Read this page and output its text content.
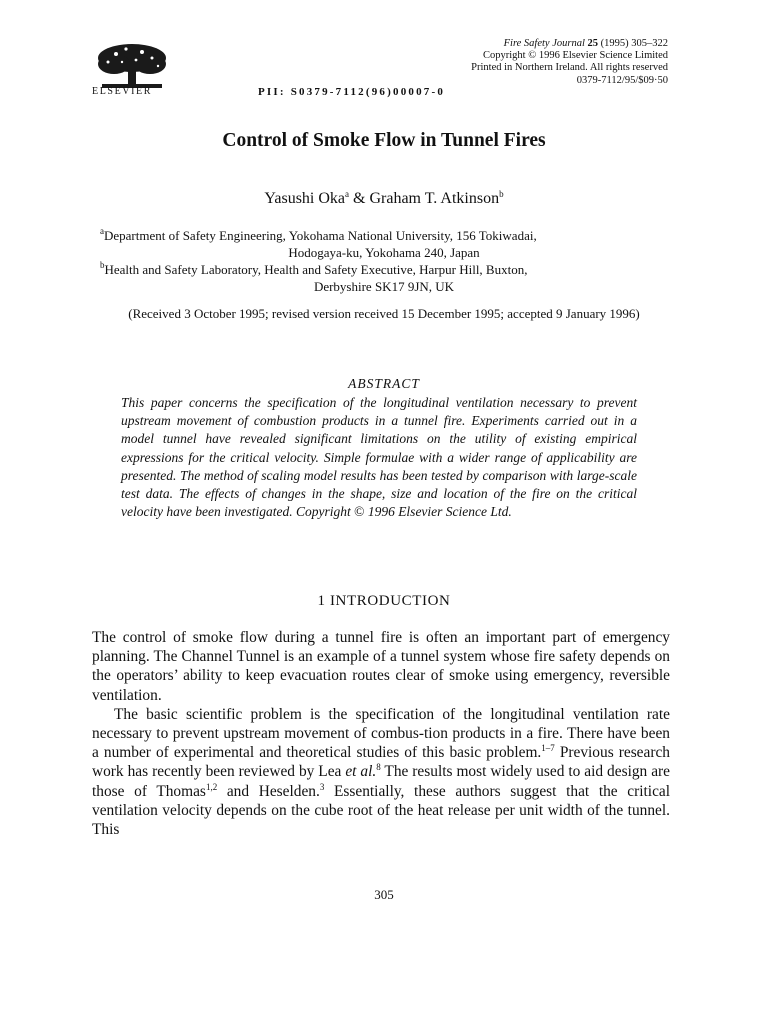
ELSEVIER	PII: S0379-7112(96)00007-0
Fire Safety Journal 25 (1995) 305–322
Copyright © 1996 Elsevier Science Limited
Printed in Northern Ireland. All rights reserved
0379-7112/95/$09·50
Control of Smoke Flow in Tunnel Fires
Yasushi Oka$^a$ & Graham T. Atkinson$^b$
$^a$Department of Safety Engineering, Yokohama National University, 156 Tokiwadai,
Hodogaya-ku, Yokohama 240, Japan
$^b$Health and Safety Laboratory, Health and Safety Executive, Harpur Hill, Buxton,
Derbyshire SK17 9JN, UK
(Received 3 October 1995; revised version received 15 December 1995; accepted 9 January 1996)
ABSTRACT
This paper concerns the specification of the longitudinal ventilation necessary to prevent upstream movement of combustion products in a tunnel fire. Experiments carried out in a model tunnel have revealed significant limitations on the utility of existing empirical expressions for the critical velocity. Simple formulae with a wider range of applicability are presented. The method of scaling model results has been tested by comparison with large-scale test data. The effects of changes in the shape, size and location of the fire on the critical velocity have been investigated. Copyright © 1996 Elsevier Science Ltd.
1 INTRODUCTION

The control of smoke flow during a tunnel fire is often an important part of emergency planning. The Channel Tunnel is an example of a tunnel system whose fire safety depends on the operators’ ability to keep evacuation routes clear of smoke using emergency, reversible ventilation.

The basic scientific problem is the specification of the longitudinal ventilation rate necessary to prevent upstream movement of combus-tion products in a fire. There have been a number of experimental and theoretical studies of this basic problem.$^{1-7}$ Previous research work has recently been reviewed by Lea et al.$^8$ The results most widely used to aid design are those of Thomas$^{1,2}$ and Heselden.$^3$ Essentially, these authors suggest that the critical ventilation velocity depends on the cube root of the heat release per unit width of the tunnel. This

305
